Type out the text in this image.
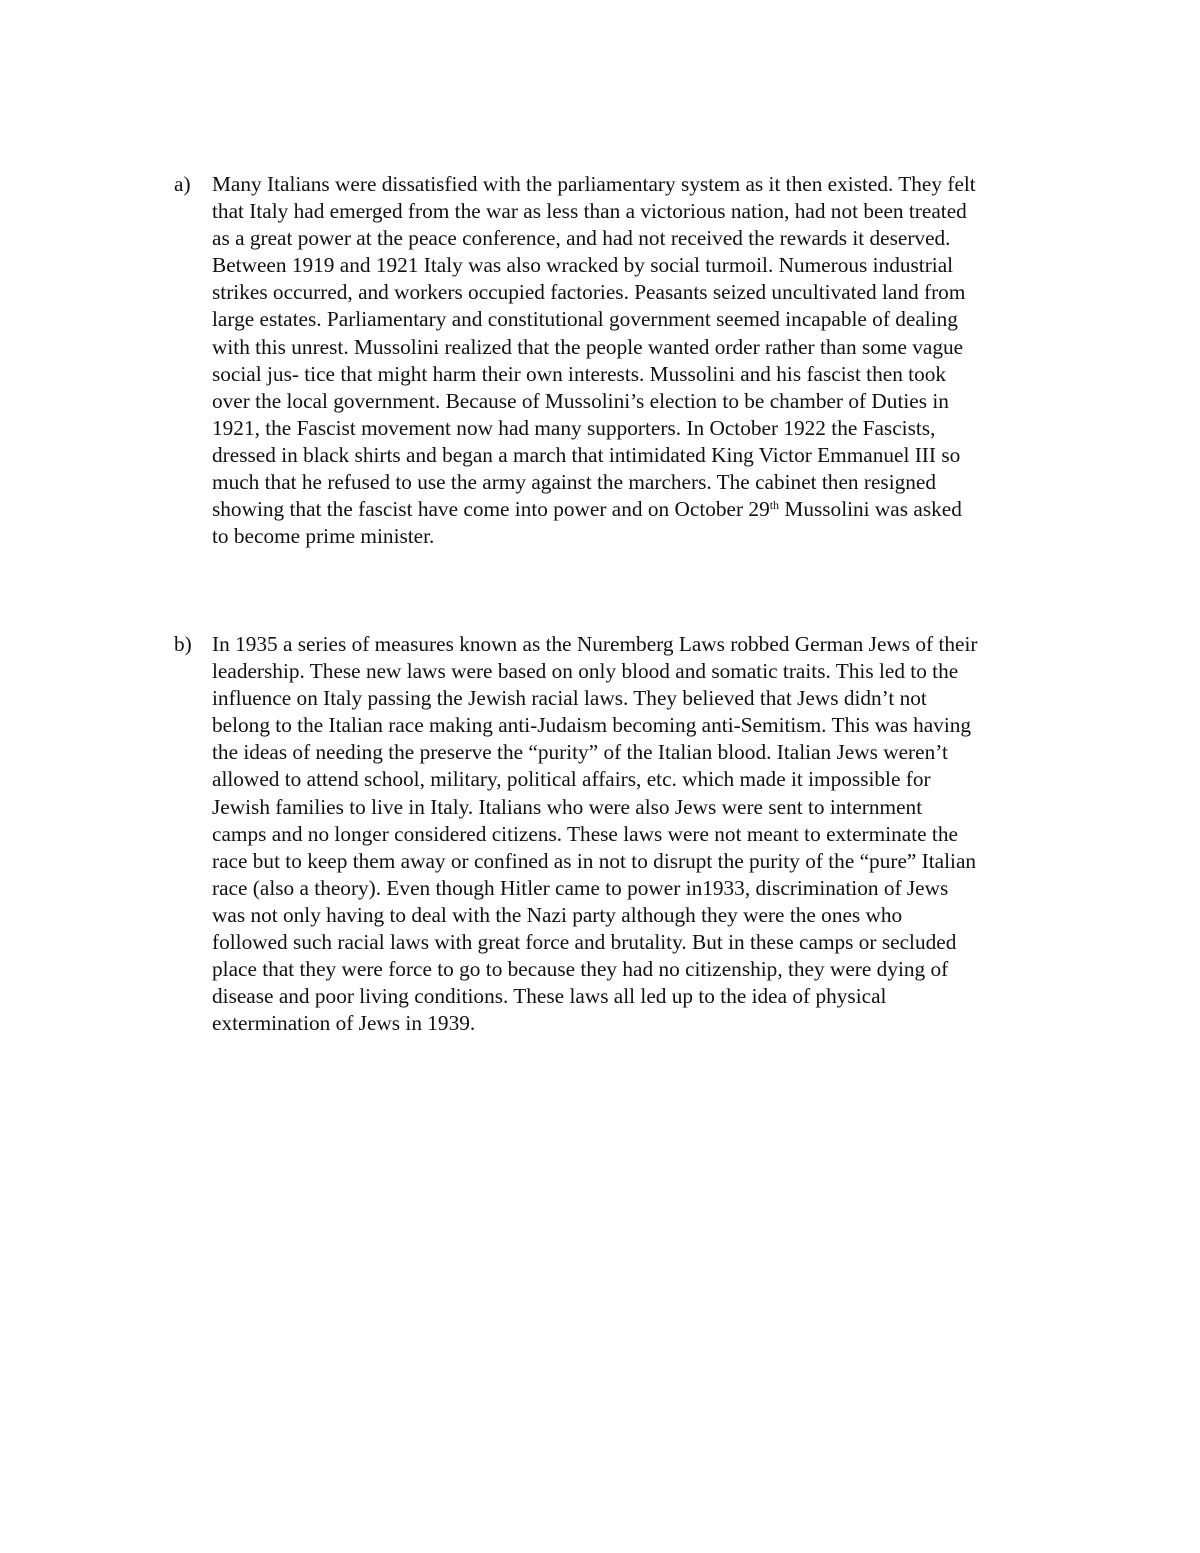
a)	Many Italians were dissatisfied with the parliamentary system as it then existed. They felt
that Italy had emerged from the war as less than a victorious nation, had not been treated
as a great power at the peace conference, and had not received the rewards it deserved.
Between 1919 and 1921 Italy was also wracked by social turmoil. Numerous industrial
strikes occurred, and workers occupied factories. Peasants seized uncultivated land from
large estates. Parliamentary and constitutional government seemed incapable of dealing
with this unrest. Mussolini realized that the people wanted order rather than some vague
social jus- tice that might harm their own interests. Mussolini and his fascist then took
over the local government. Because of Mussolini’s election to be chamber of Duties in
1921, the Fascist movement now had many supporters. In October 1922 the Fascists,
dressed in black shirts and began a march that intimidated King Victor Emmanuel III so
much that he refused to use the army against the marchers. The cabinet then resigned
showing that the fascist have come into power and on October 29th Mussolini was asked
to become prime minister.
b) In 1935 a series of measures known as the Nuremberg Laws robbed German Jews of their
leadership. These new laws were based on only blood and somatic traits. This led to the
influence on Italy passing the Jewish racial laws. They believed that Jews didn’t not
belong to the Italian race making anti-Judaism becoming anti-Semitism. This was having
the ideas of needing the preserve the “purity” of the Italian blood. Italian Jews weren’t
allowed to attend school, military, political affairs, etc. which made it impossible for
Jewish families to live in Italy. Italians who were also Jews were sent to internment
camps and no longer considered citizens. These laws were not meant to exterminate the
race but to keep them away or confined as in not to disrupt the purity of the “pure” Italian
race (also a theory). Even though Hitler came to power in1933, discrimination of Jews
was not only having to deal with the Nazi party although they were the ones who
followed such racial laws with great force and brutality. But in these camps or secluded
place that they were force to go to because they had no citizenship, they were dying of
disease and poor living conditions. These laws all led up to the idea of physical
extermination of Jews in 1939.
